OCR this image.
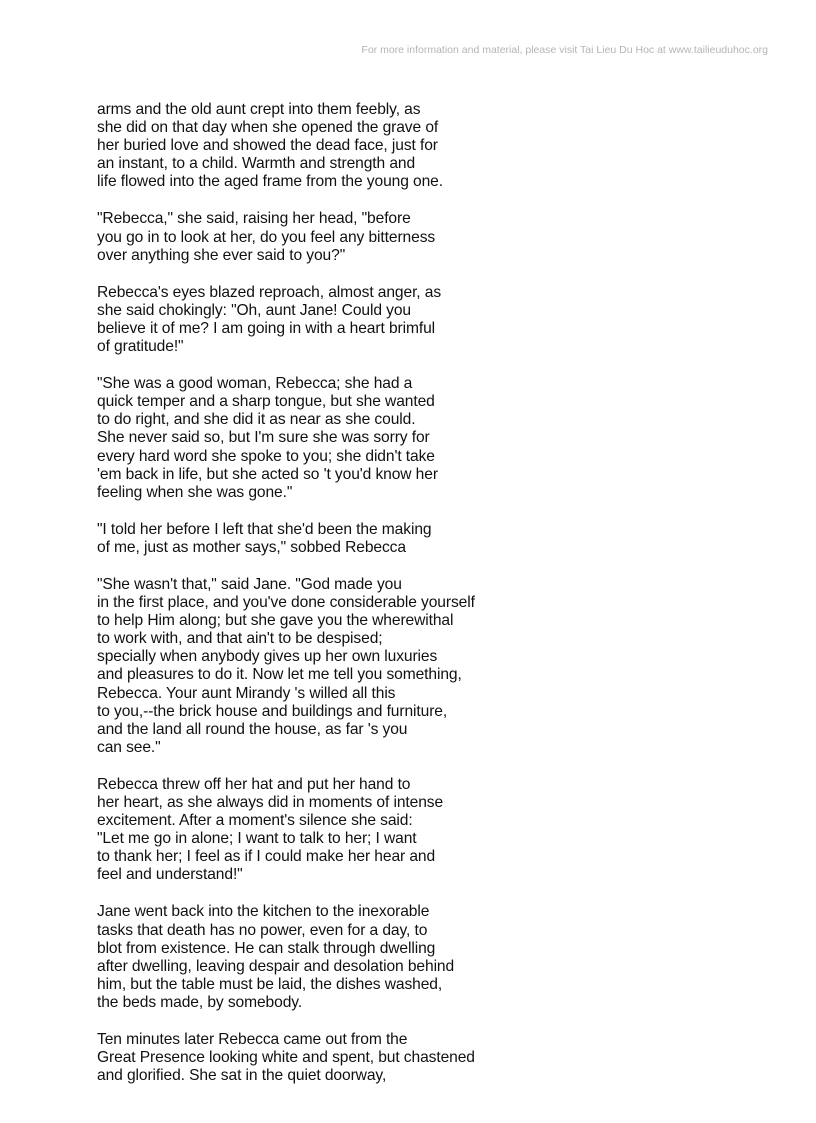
For more information and material, please visit Tai Lieu Du Hoc at www.tailieuduhoc.org
arms and the old aunt crept into them feebly, as
she did on that day when she opened the grave of
her buried love and showed the dead face, just for
an instant, to a child. Warmth and strength and
life flowed into the aged frame from the young one.
"Rebecca," she said, raising her head, "before
you go in to look at her, do you feel any bitterness
over anything she ever said to you?"
Rebecca's eyes blazed reproach, almost anger, as
she said chokingly: "Oh, aunt Jane! Could you
believe it of me? I am going in with a heart brimful
of gratitude!"
"She was a good woman, Rebecca; she had a
quick temper and a sharp tongue, but she wanted
to do right, and she did it as near as she could.
She never said so, but I'm sure she was sorry for
every hard word she spoke to you; she didn't take
'em back in life, but she acted so 't you'd know her
feeling when she was gone."
"I told her before I left that she'd been the making
of me, just as mother says," sobbed Rebecca
"She wasn't that," said Jane. "God made you
in the first place, and you've done considerable yourself
to help Him along; but she gave you the wherewithal
to work with, and that ain't to be despised;
specially when anybody gives up her own luxuries
and pleasures to do it. Now let me tell you something,
Rebecca. Your aunt Mirandy 's willed all this
to you,--the brick house and buildings and furniture,
and the land all round the house, as far 's you
can see."
Rebecca threw off her hat and put her hand to
her heart, as she always did in moments of intense
excitement. After a moment's silence she said:
"Let me go in alone; I want to talk to her; I want
to thank her; I feel as if I could make her hear and
feel and understand!"
Jane went back into the kitchen to the inexorable
tasks that death has no power, even for a day, to
blot from existence. He can stalk through dwelling
after dwelling, leaving despair and desolation behind
him, but the table must be laid, the dishes washed,
the beds made, by somebody.
Ten minutes later Rebecca came out from the
Great Presence looking white and spent, but chastened
and glorified. She sat in the quiet doorway,
